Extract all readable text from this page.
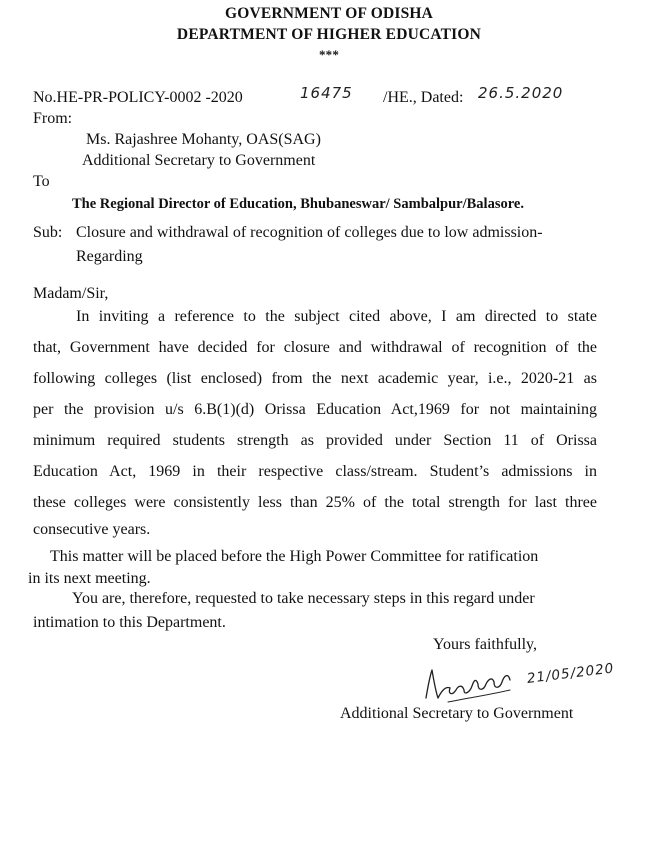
GOVERNMENT OF ODISHA
DEPARTMENT OF HIGHER EDUCATION
***
No.HE-PR-POLICY-0002 -2020	16475 /HE., Dated: 26.5.2020
From:
Ms. Rajashree Mohanty, OAS(SAG)
Additional Secretary to Government
To
The Regional Director of Education, Bhubaneswar/ Sambalpur/Balasore.
Sub: Closure and withdrawal of recognition of colleges due to low admission-
Regarding
Madam/Sir,
In inviting a reference to the subject cited above, I am directed to state
that, Government have decided for closure and withdrawal of recognition of the
following colleges (list enclosed) from the next academic year, i.e., 2020-21 as
per the provision u/s 6.B(1)(d) Orissa Education Act,1969 for not maintaining
minimum required students strength as provided under Section 11 of Orissa
Education Act, 1969 in their respective class/stream. Student’s admissions in
these colleges were consistently less than 25% of the total strength for last three
consecutive years.
This matter will be placed before the High Power Committee for ratification
in its next meeting.
You are, therefore, requested to take necessary steps in this regard under
intimation to this Department.
Yours faithfully,
21/05/2020
Additional Secretary to Government
